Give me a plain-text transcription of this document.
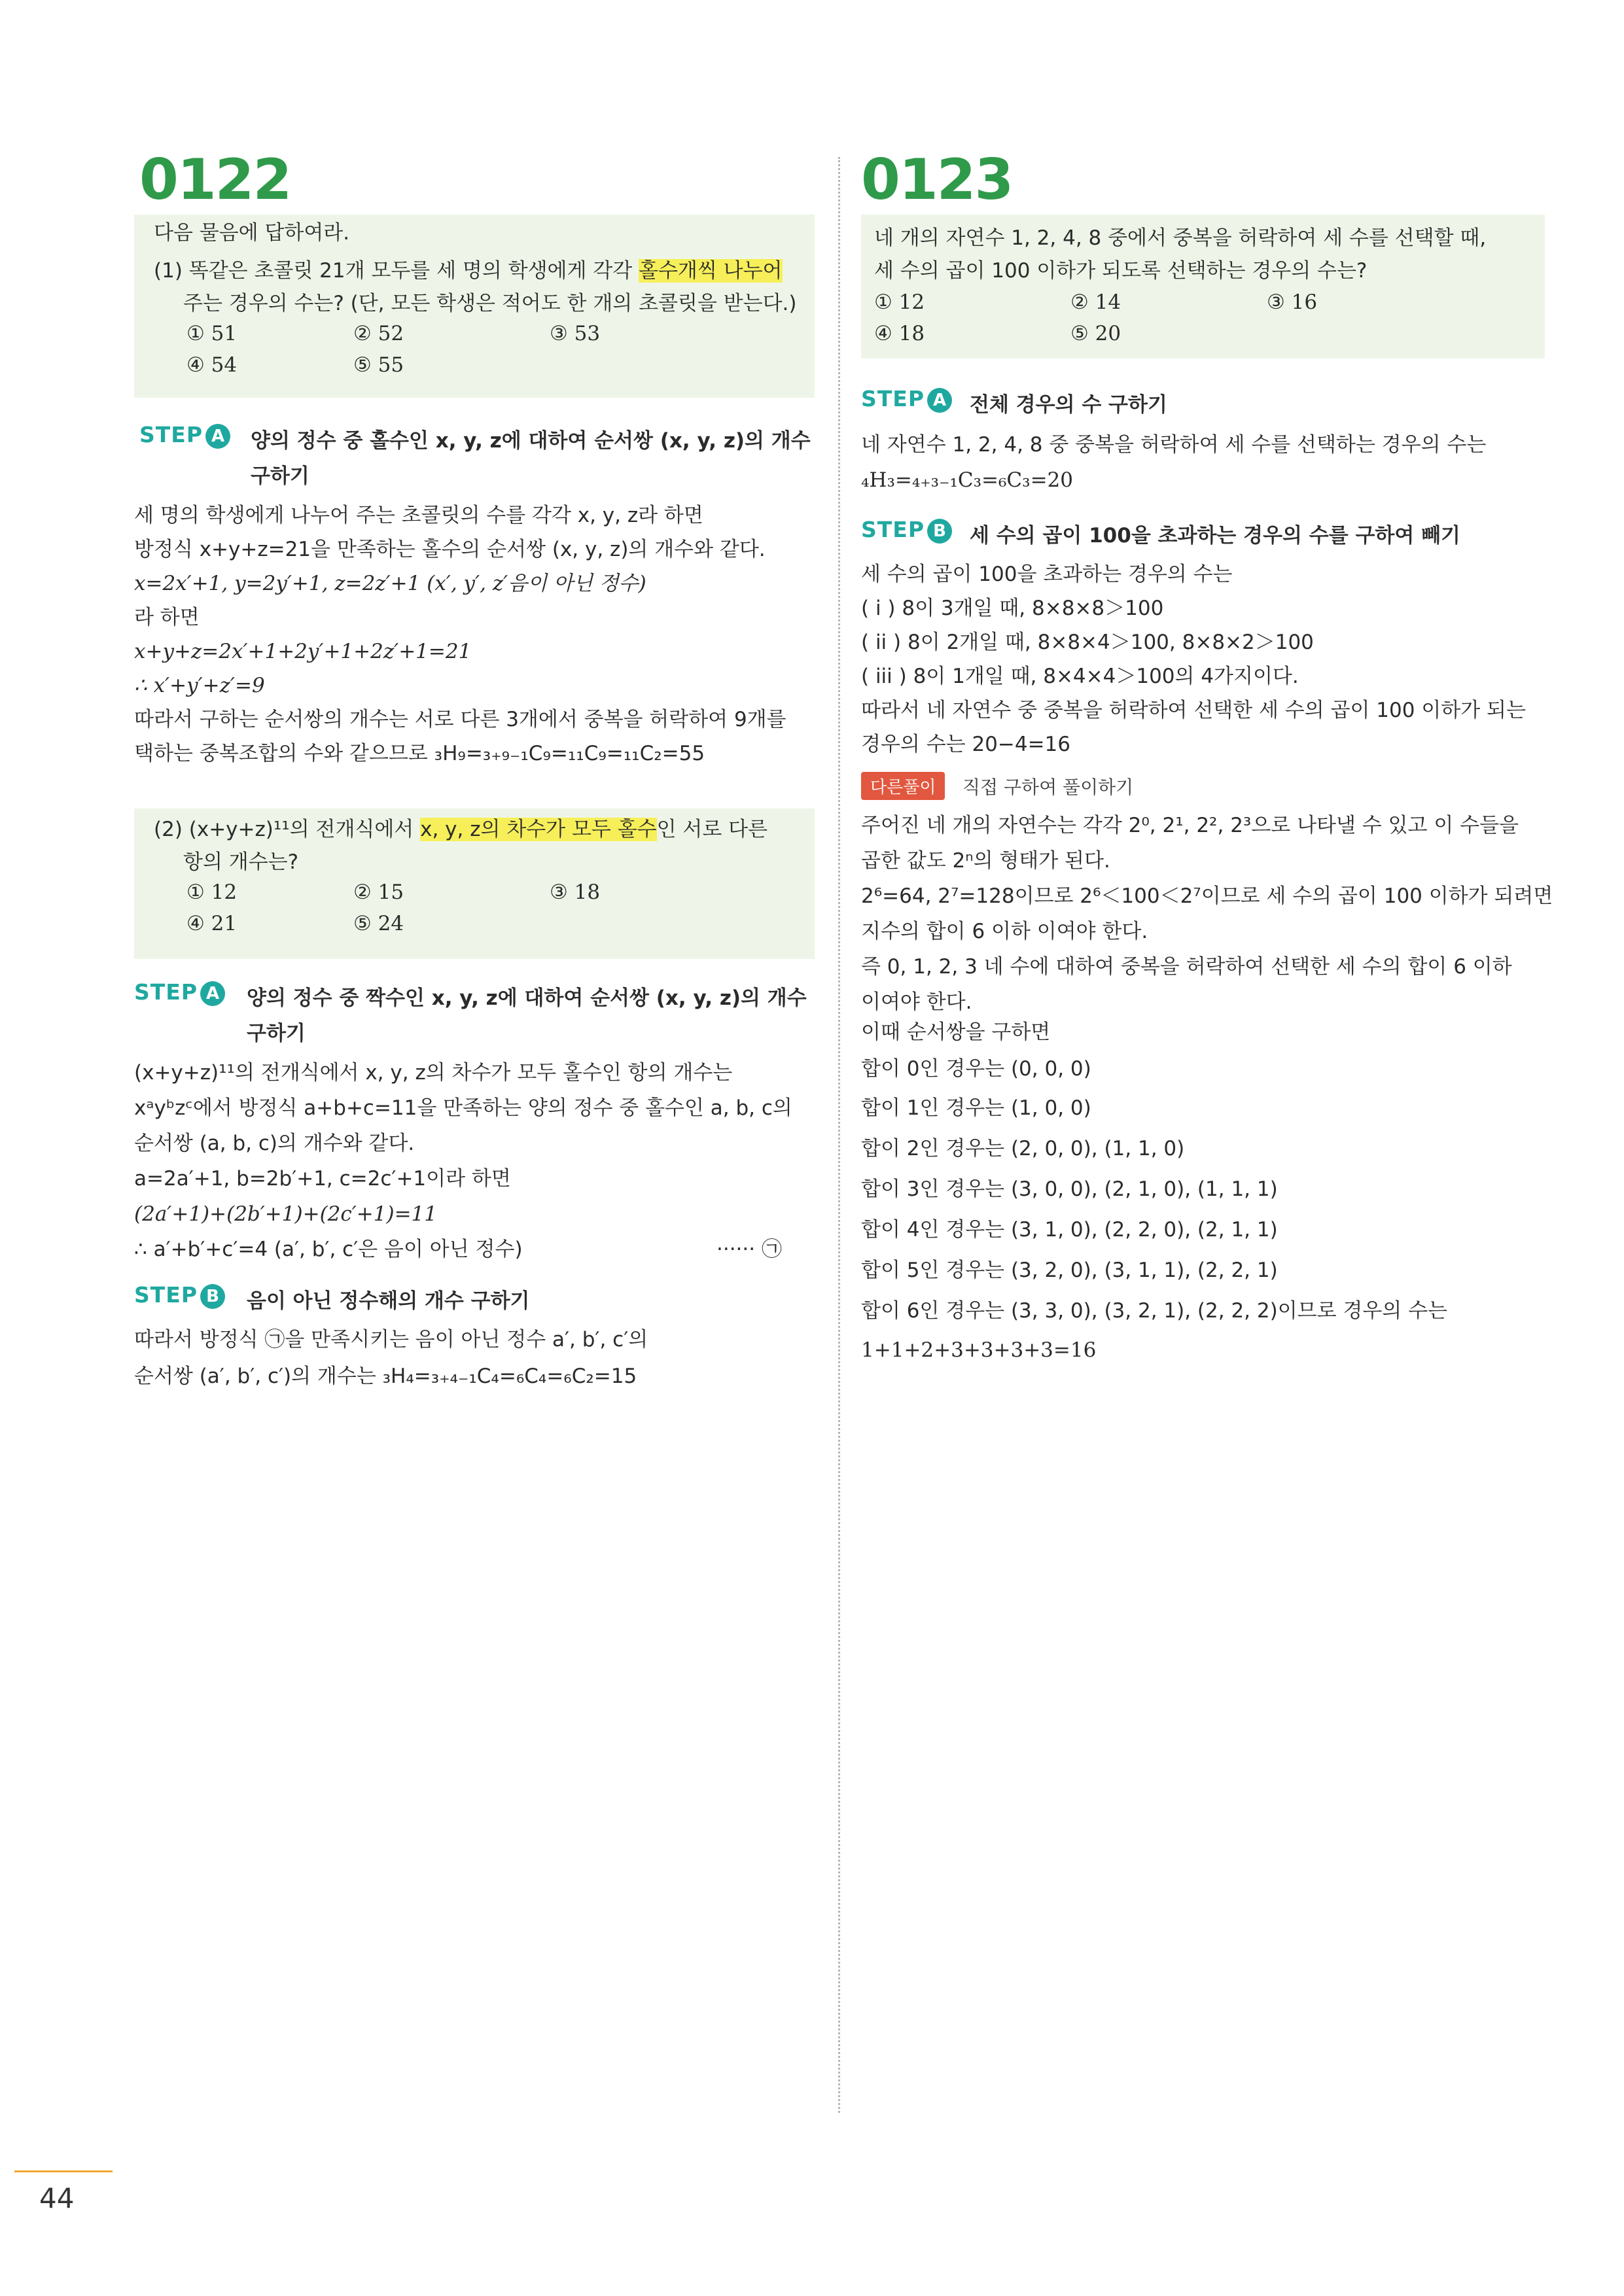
0122
다음 물음에 답하여라.
(1) 똑같은 초콜릿 21개 모두를 세 명의 학생에게 각각 홀수개씩 나누어
주는 경우의 수는? (단, 모든 학생은 적어도 한 개의 초콜릿을 받는다.)
① 51	② 52	③ 53
④ 54	⑤ 55
STEP A 양의 정수 중 홀수인 x, y, z에 대하여 순서쌍 (x, y, z)의 개수
구하기
세 명의 학생에게 나누어 주는 초콜릿의 수를 각각 x, y, z라 하면
방정식 x+y+z=21을 만족하는 홀수의 순서쌍 (x, y, z)의 개수와 같다.
x=2x′+1, y=2y′+1, z=2z′+1 (x′, y′, z′음이 아닌 정수)
라 하면
x+y+z=2x′+1+2y′+1+2z′+1=21
∴ x′+y′+z′=9
따라서 구하는 순서쌍의 개수는 서로 다른 3개에서 중복을 허락하여 9개를
택하는 중복조합의 수와 같으므로 ₃H₉=₃₊₉₋₁C₉=₁₁C₉=₁₁C₂=55
(2) (x+y+z)¹¹의 전개식에서 x, y, z의 차수가 모두 홀수인 서로 다른
항의 개수는?
① 12	② 15	③ 18
④ 21	⑤ 24
STEP A 양의 정수 중 짝수인 x, y, z에 대하여 순서쌍 (x, y, z)의 개수
구하기
(x+y+z)¹¹의 전개식에서 x, y, z의 차수가 모두 홀수인 항의 개수는
xᵃyᵇzᶜ에서 방정식 a+b+c=11을 만족하는 양의 정수 중 홀수인 a, b, c의
순서쌍 (a, b, c)의 개수와 같다.
a=2a′+1, b=2b′+1, c=2c′+1이라 하면
(2a′+1)+(2b′+1)+(2c′+1)=11
∴ a′+b′+c′=4 (a′, b′, c′은 음이 아닌 정수)	······ ㉠
STEP B 음이 아닌 정수해의 개수 구하기
따라서 방정식 ㉠을 만족시키는 음이 아닌 정수 a′, b′, c′의
순서쌍 (a′, b′, c′)의 개수는 ₃H₄=₃₊₄₋₁C₄=₆C₄=₆C₂=15
0123
네 개의 자연수 1, 2, 4, 8 중에서 중복을 허락하여 세 수를 선택할 때,
세 수의 곱이 100 이하가 되도록 선택하는 경우의 수는?
① 12	② 14	③ 16
④ 18	⑤ 20
STEP A 전체 경우의 수 구하기
네 자연수 1, 2, 4, 8 중 중복을 허락하여 세 수를 선택하는 경우의 수는
₄H₃=₄₊₃₋₁C₃=₆C₃=20
STEP B 세 수의 곱이 100을 초과하는 경우의 수를 구하여 빼기
세 수의 곱이 100을 초과하는 경우의 수는
( i ) 8이 3개일 때, 8×8×8＞100
( ii ) 8이 2개일 때, 8×8×4＞100, 8×8×2＞100
( iii ) 8이 1개일 때, 8×4×4＞100의 4가지이다.
따라서 네 자연수 중 중복을 허락하여 선택한 세 수의 곱이 100 이하가 되는
경우의 수는 20−4=16
다른풀이	직접 구하여 풀이하기
주어진 네 개의 자연수는 각각 2⁰, 2¹, 2², 2³으로 나타낼 수 있고 이 수들을
곱한 값도 2ⁿ의 형태가 된다.
2⁶=64, 2⁷=128이므로 2⁶＜100＜2⁷이므로 세 수의 곱이 100 이하가 되려면
지수의 합이 6 이하 이여야 한다.
즉 0, 1, 2, 3 네 수에 대하여 중복을 허락하여 선택한 세 수의 합이 6 이하
이여야 한다.
이때 순서쌍을 구하면
합이 0인 경우는 (0, 0, 0)
합이 1인 경우는 (1, 0, 0)
합이 2인 경우는 (2, 0, 0), (1, 1, 0)
합이 3인 경우는 (3, 0, 0), (2, 1, 0), (1, 1, 1)
합이 4인 경우는 (3, 1, 0), (2, 2, 0), (2, 1, 1)
합이 5인 경우는 (3, 2, 0), (3, 1, 1), (2, 2, 1)
합이 6인 경우는 (3, 3, 0), (3, 2, 1), (2, 2, 2)이므로 경우의 수는
1+1+2+3+3+3+3=16
44
